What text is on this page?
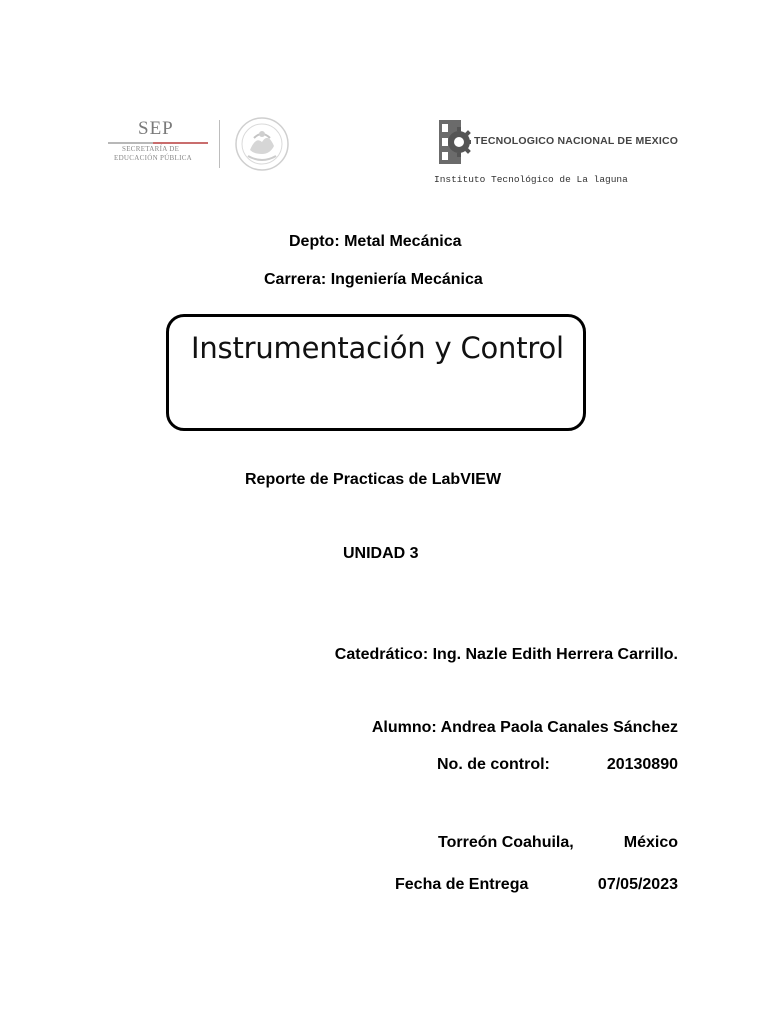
SEP
SECRETARÍA DE
EDUCACIÓN PÚBLICA
TECNOLOGICO NACIONAL DE MEXICO
Instituto Tecnológico de La laguna
Depto: Metal Mecánica
Carrera: Ingeniería Mecánica
Instrumentación y Control
Reporte de Practicas de LabVIEW
UNIDAD 3
Catedrático: Ing. Nazle Edith Herrera Carrillo.
Alumno: Andrea Paola Canales Sánchez
No. de control:	20130890
Torreón Coahuila,	México
Fecha de Entrega	07/05/2023
